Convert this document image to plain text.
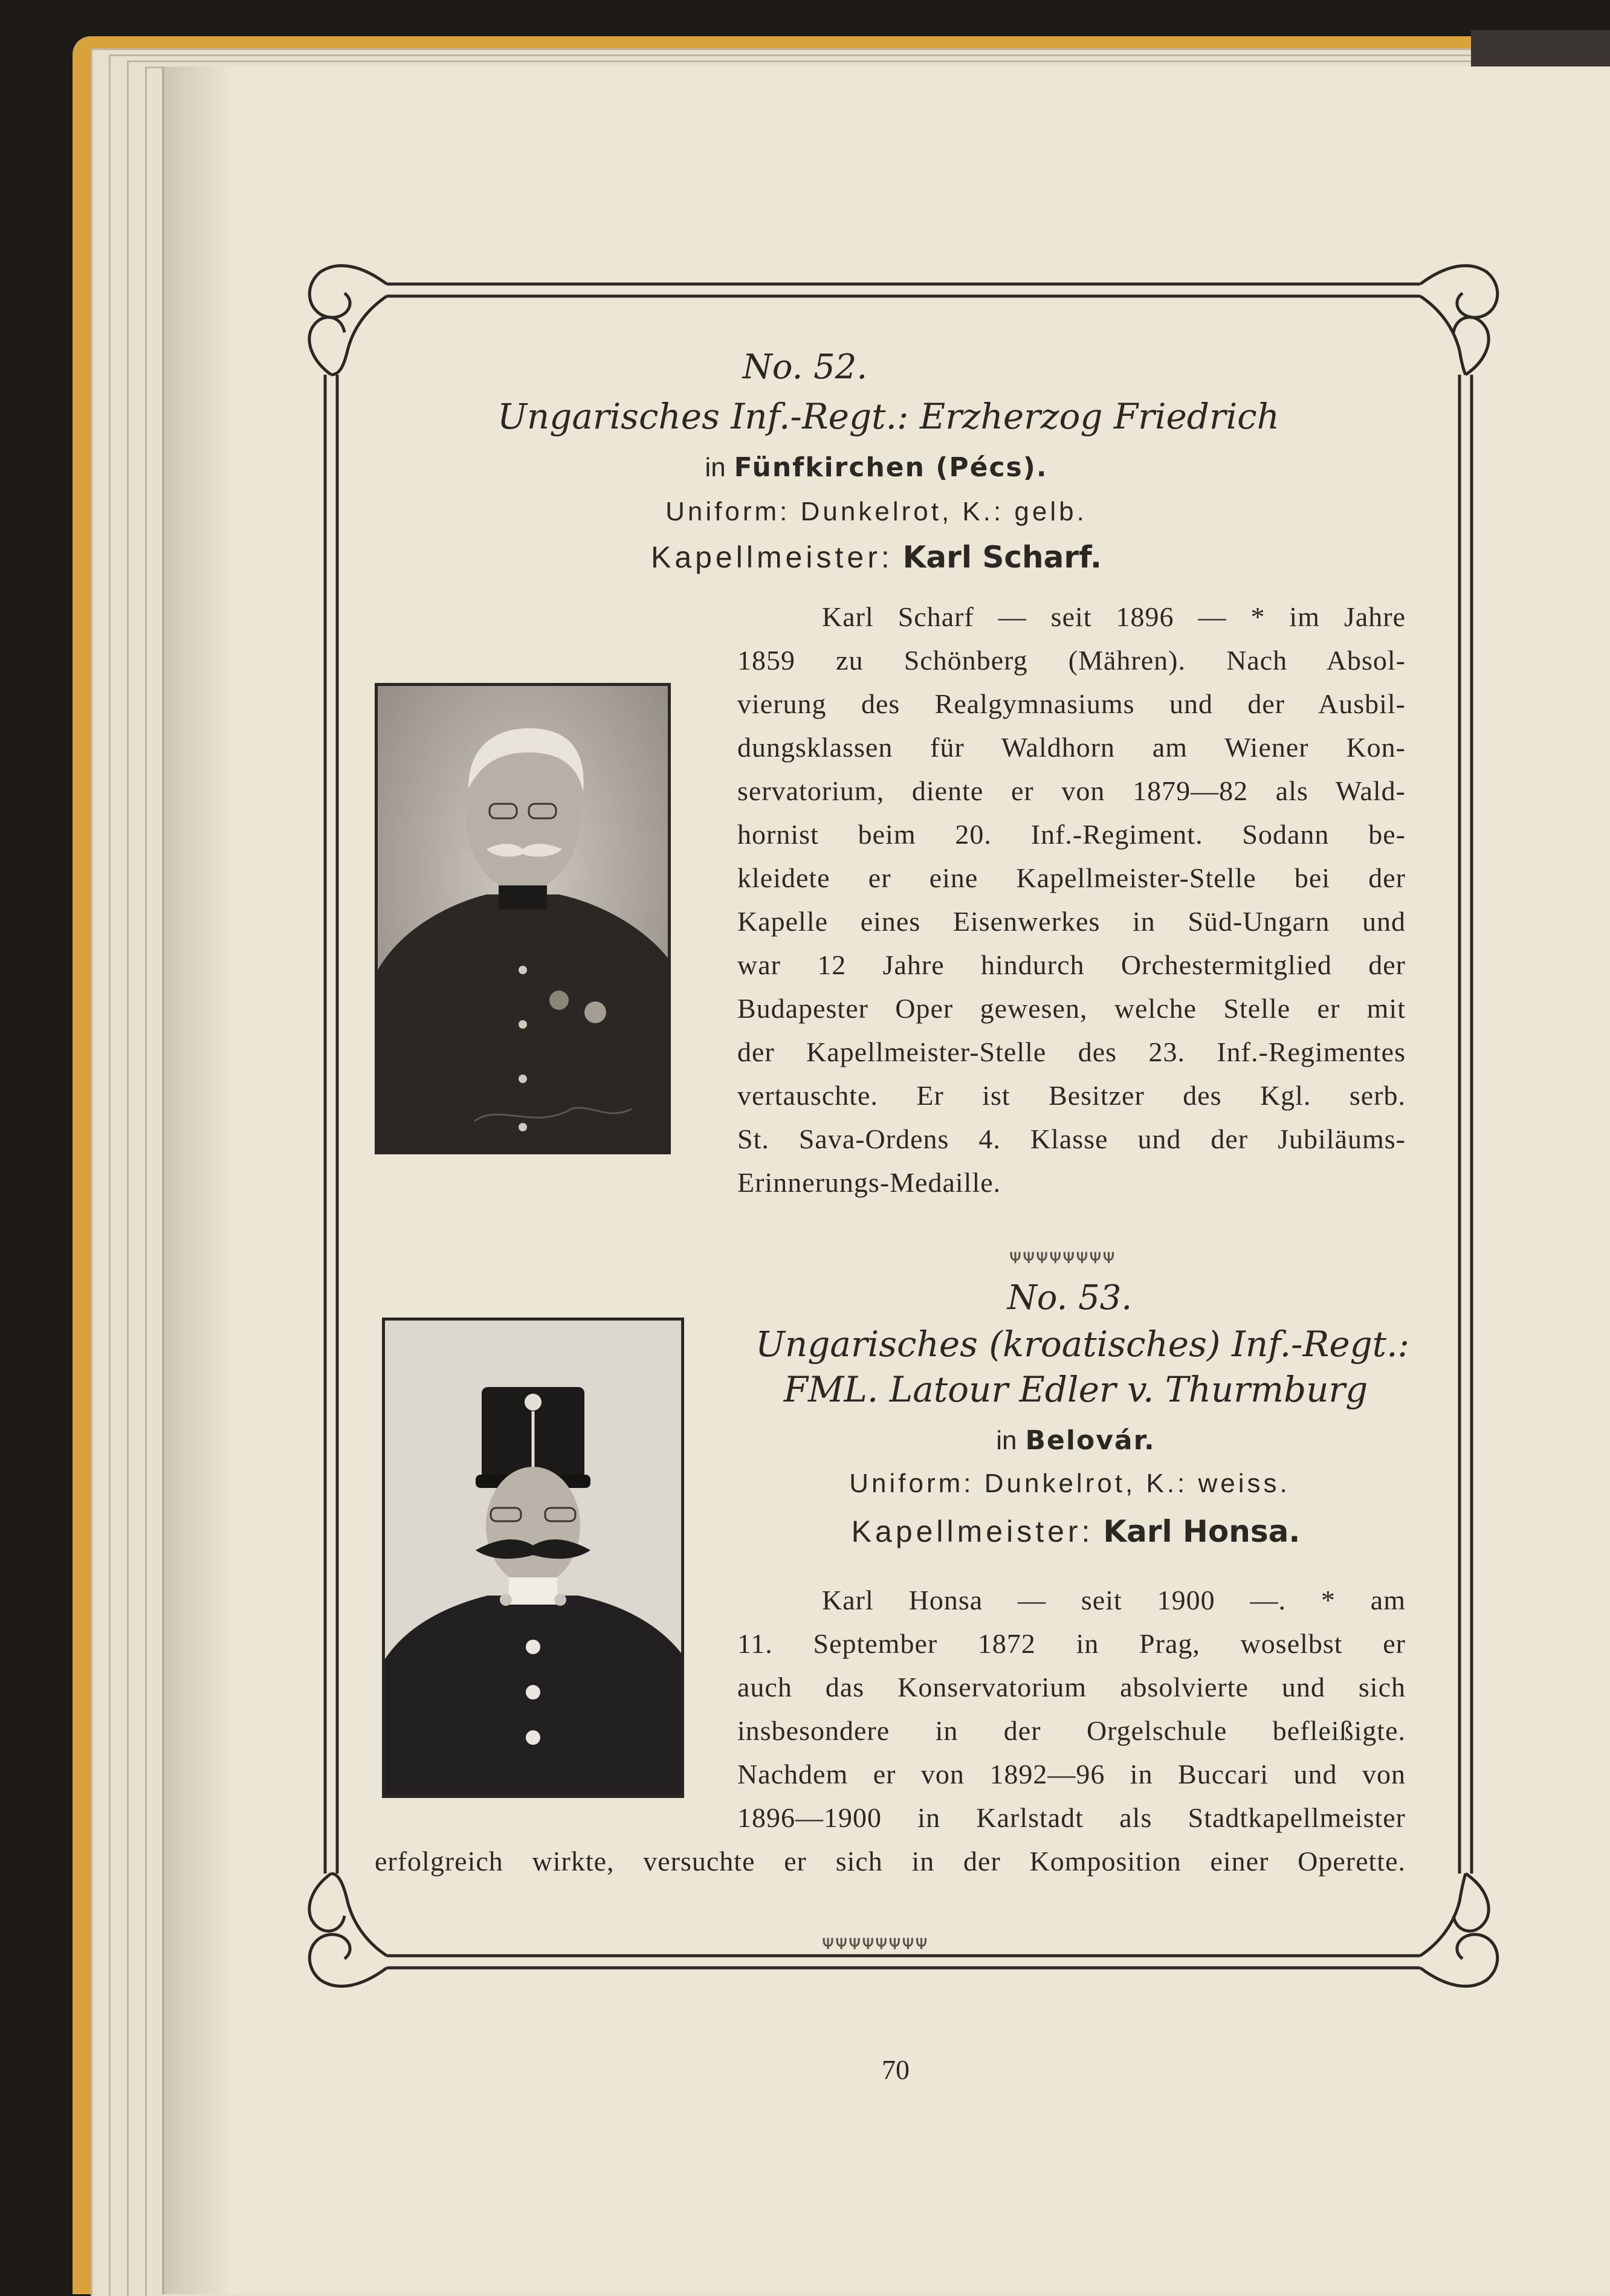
No. 52.

Ungarisches Inf.-Regt.: Erzherzog Friedrich

in Fünfkirchen (Pécs).

Uniform: Dunkelrot, K.: gelb.

Kapellmeister: Karl Scharf.
Karl Scharf — seit 1896 — * im Jahre
1859 zu Schönberg (Mähren). Nach Absol-
vierung des Realgymnasiums und der Ausbil-
dungsklassen für Waldhorn am Wiener Kon-
servatorium, diente er von 1879—82 als Wald-
hornist beim 20. Inf.-Regiment. Sodann be-
kleidete er eine Kapellmeister-Stelle bei der
Kapelle eines Eisenwerkes in Süd-Ungarn und
war 12 Jahre hindurch Orchestermitglied der
Budapester Oper gewesen, welche Stelle er mit
der Kapellmeister-Stelle des 23. Inf.-Regimentes
vertauschte. Er ist Besitzer des Kgl. serb.
St. Sava-Ordens 4. Klasse und der Jubiläums-
Erinnerungs-Medaille.

ᴪᴪᴪᴪᴪᴪᴪᴪ

No. 53.

Ungarisches (kroatisches) Inf.-Regt.:

FML. Latour Edler v. Thurmburg

in Belovár.

Uniform: Dunkelrot, K.: weiss.

Kapellmeister: Karl Honsa.
Karl Honsa — seit 1900 —. * am
11. September 1872 in Prag, woselbst er
auch das Konservatorium absolvierte und sich
insbesondere in der Orgelschule befleißigte.
Nachdem er von 1892—96 in Buccari und von
1896—1900 in Karlstadt als Stadtkapellmeister
erfolgreich wirkte, versuchte er sich in der Komposition einer Operette.

ᴪᴪᴪᴪᴪᴪᴪᴪ

70
